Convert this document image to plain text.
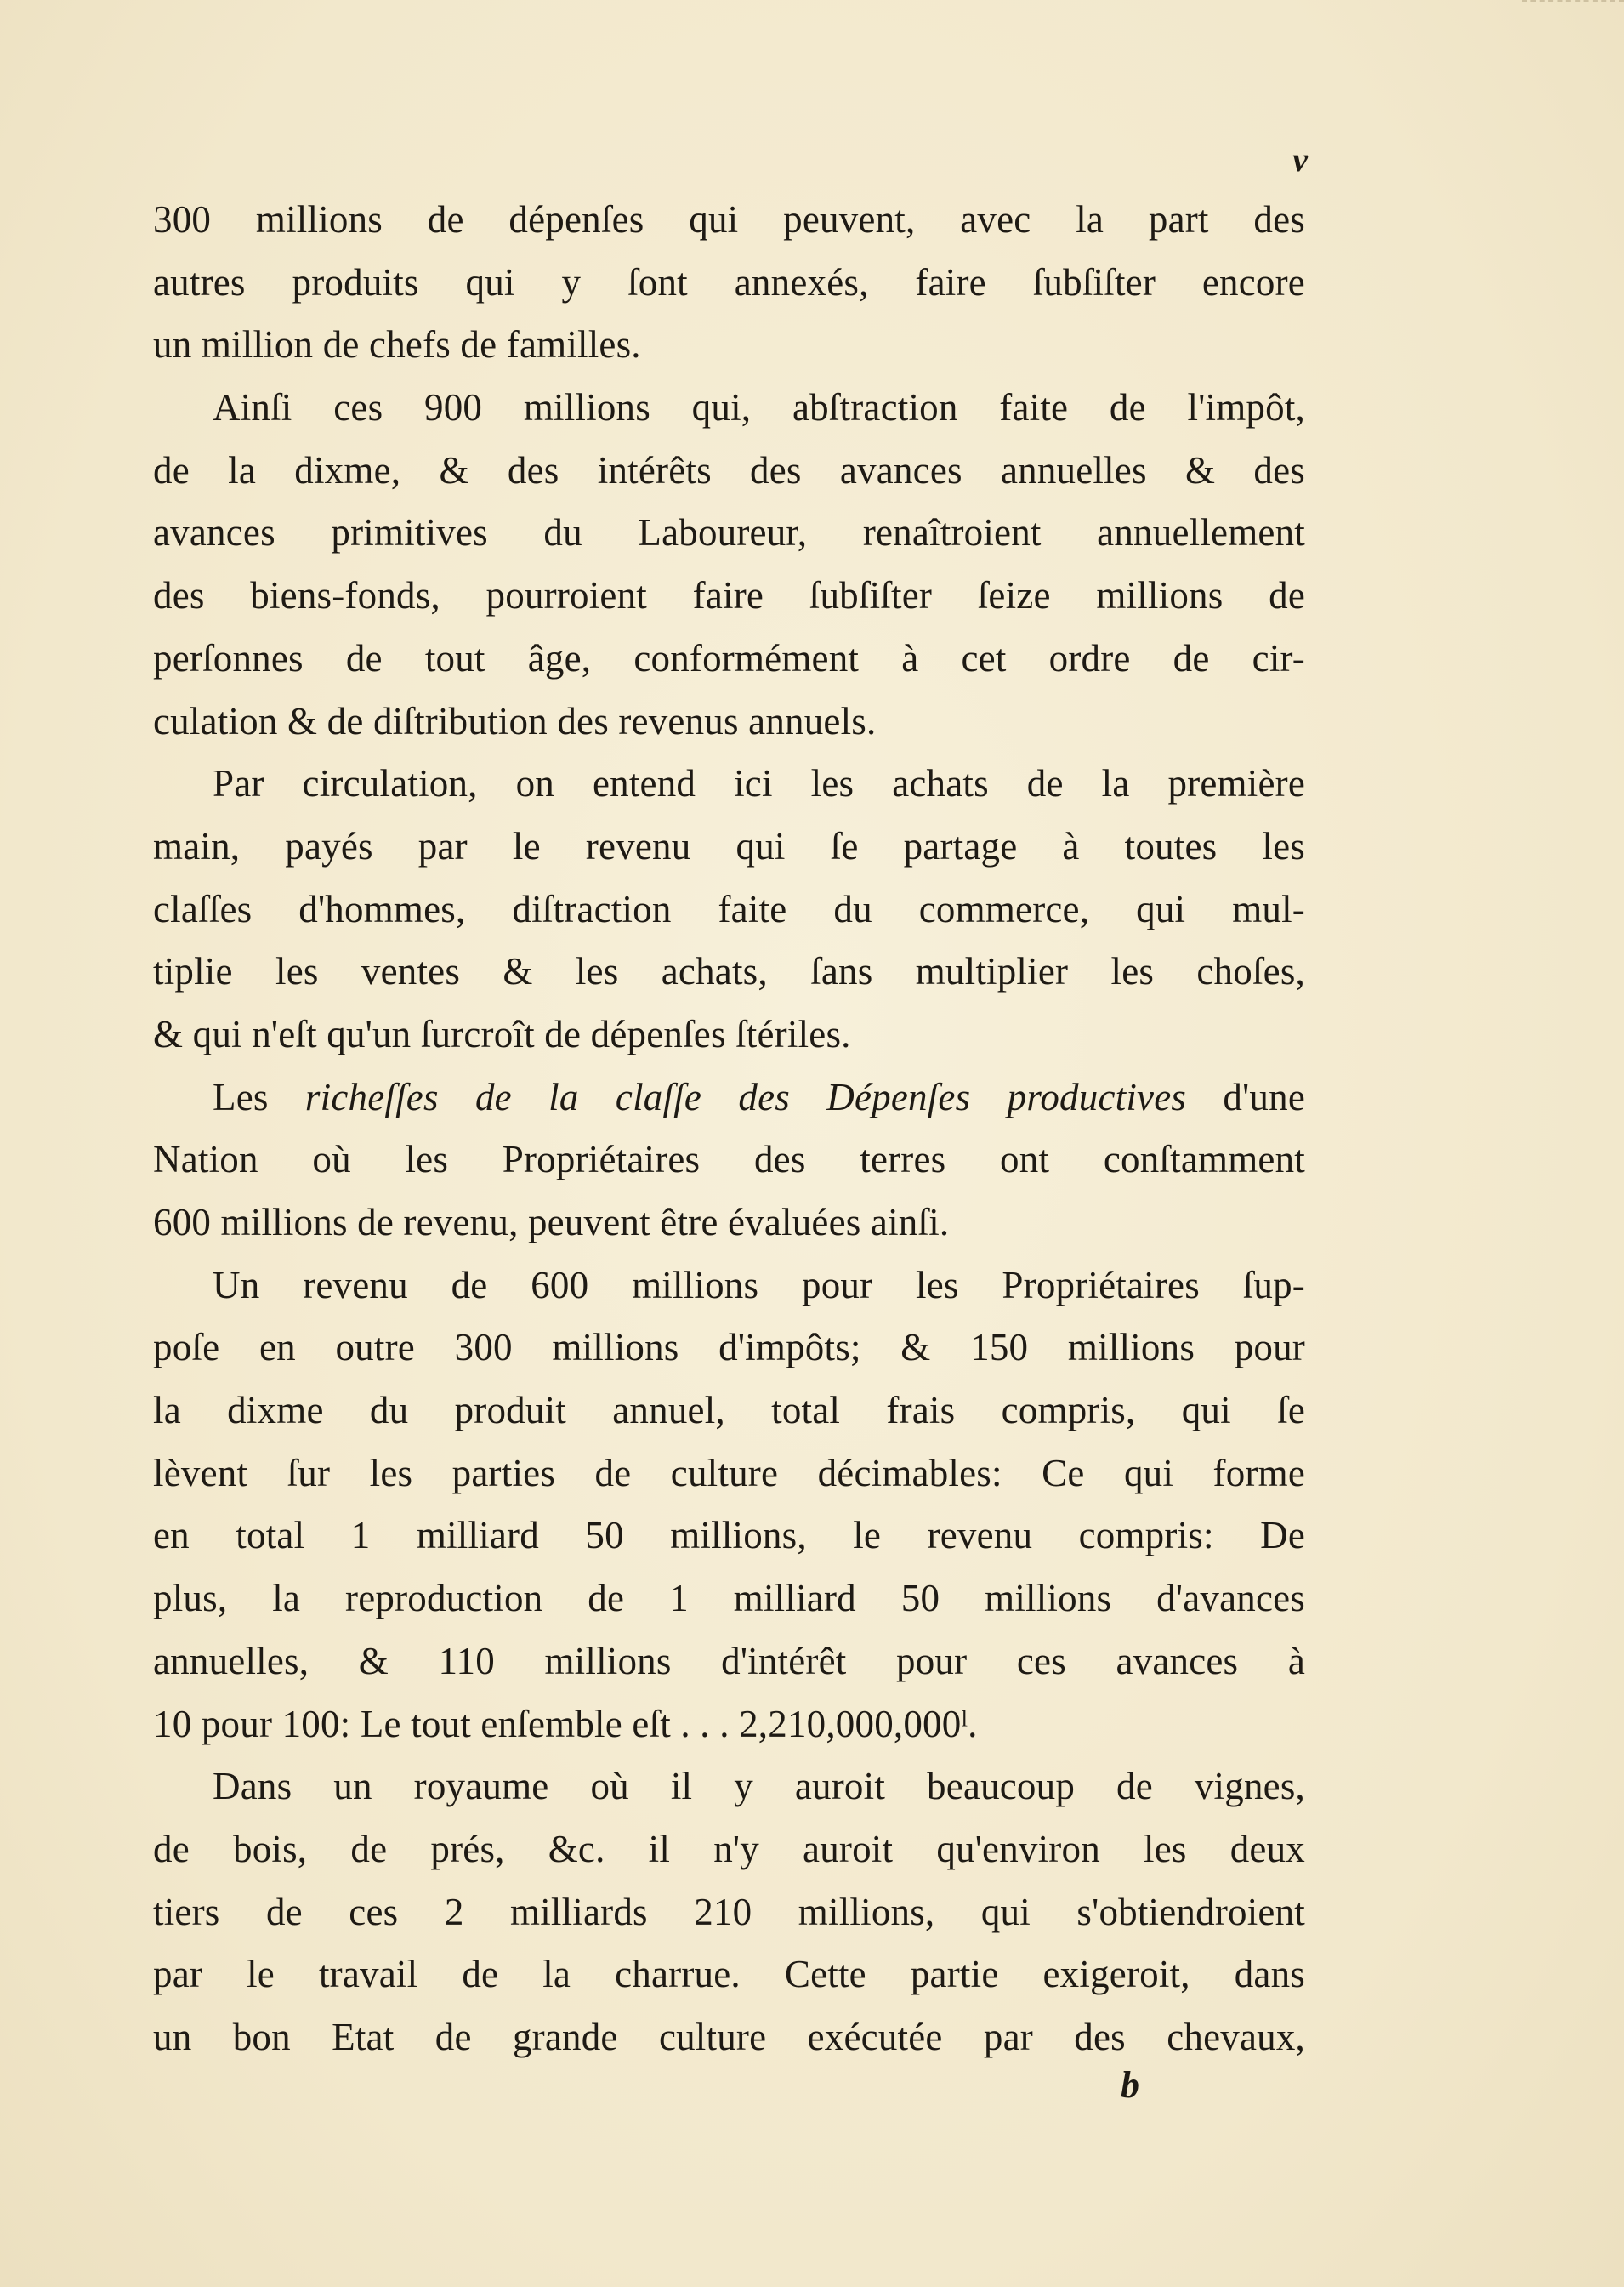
v
300 millions de dépenſes qui peuvent, avec la part des
autres produits qui y ſont annexés, faire ſubſiſter encore
un million de chefs de familles.
Ainſi ces 900 millions qui, abſtraction faite de l'impôt,
de la dixme, & des intérêts des avances annuelles & des
avances primitives du Laboureur, renaîtroient annuellement
des biens-fonds, pourroient faire ſubſiſter ſeize millions de
perſonnes de tout âge, conformément à cet ordre de cir-
culation & de diſtribution des revenus annuels.
Par circulation, on entend ici les achats de la première
main, payés par le revenu qui ſe partage à toutes les
claſſes d'hommes, diſtraction faite du commerce, qui mul-
tiplie les ventes & les achats, ſans multiplier les choſes,
& qui n'eſt qu'un ſurcroît de dépenſes ſtériles.
Les richeſſes de la claſſe des Dépenſes productives d'une
Nation où les Propriétaires des terres ont conſtamment
600 millions de revenu, peuvent être évaluées ainſi.
Un revenu de 600 millions pour les Propriétaires ſup-
poſe en outre 300 millions d'impôts; & 150 millions pour
la dixme du produit annuel, total frais compris, qui ſe
lèvent ſur les parties de culture décimables: Ce qui forme
en total 1 milliard 50 millions, le revenu compris: De
plus, la reproduction de 1 milliard 50 millions d'avances
annuelles, & 110 millions d'intérêt pour ces avances à
10 pour 100: Le tout enſemble eſt . . . 2,210,000,000ˡ.
Dans un royaume où il y auroit beaucoup de vignes,
de bois, de prés, &c. il n'y auroit qu'environ les deux
tiers de ces 2 milliards 210 millions, qui s'obtiendroient
par le travail de la charrue. Cette partie exigeroit, dans
un bon Etat de grande culture exécutée par des chevaux,
b
